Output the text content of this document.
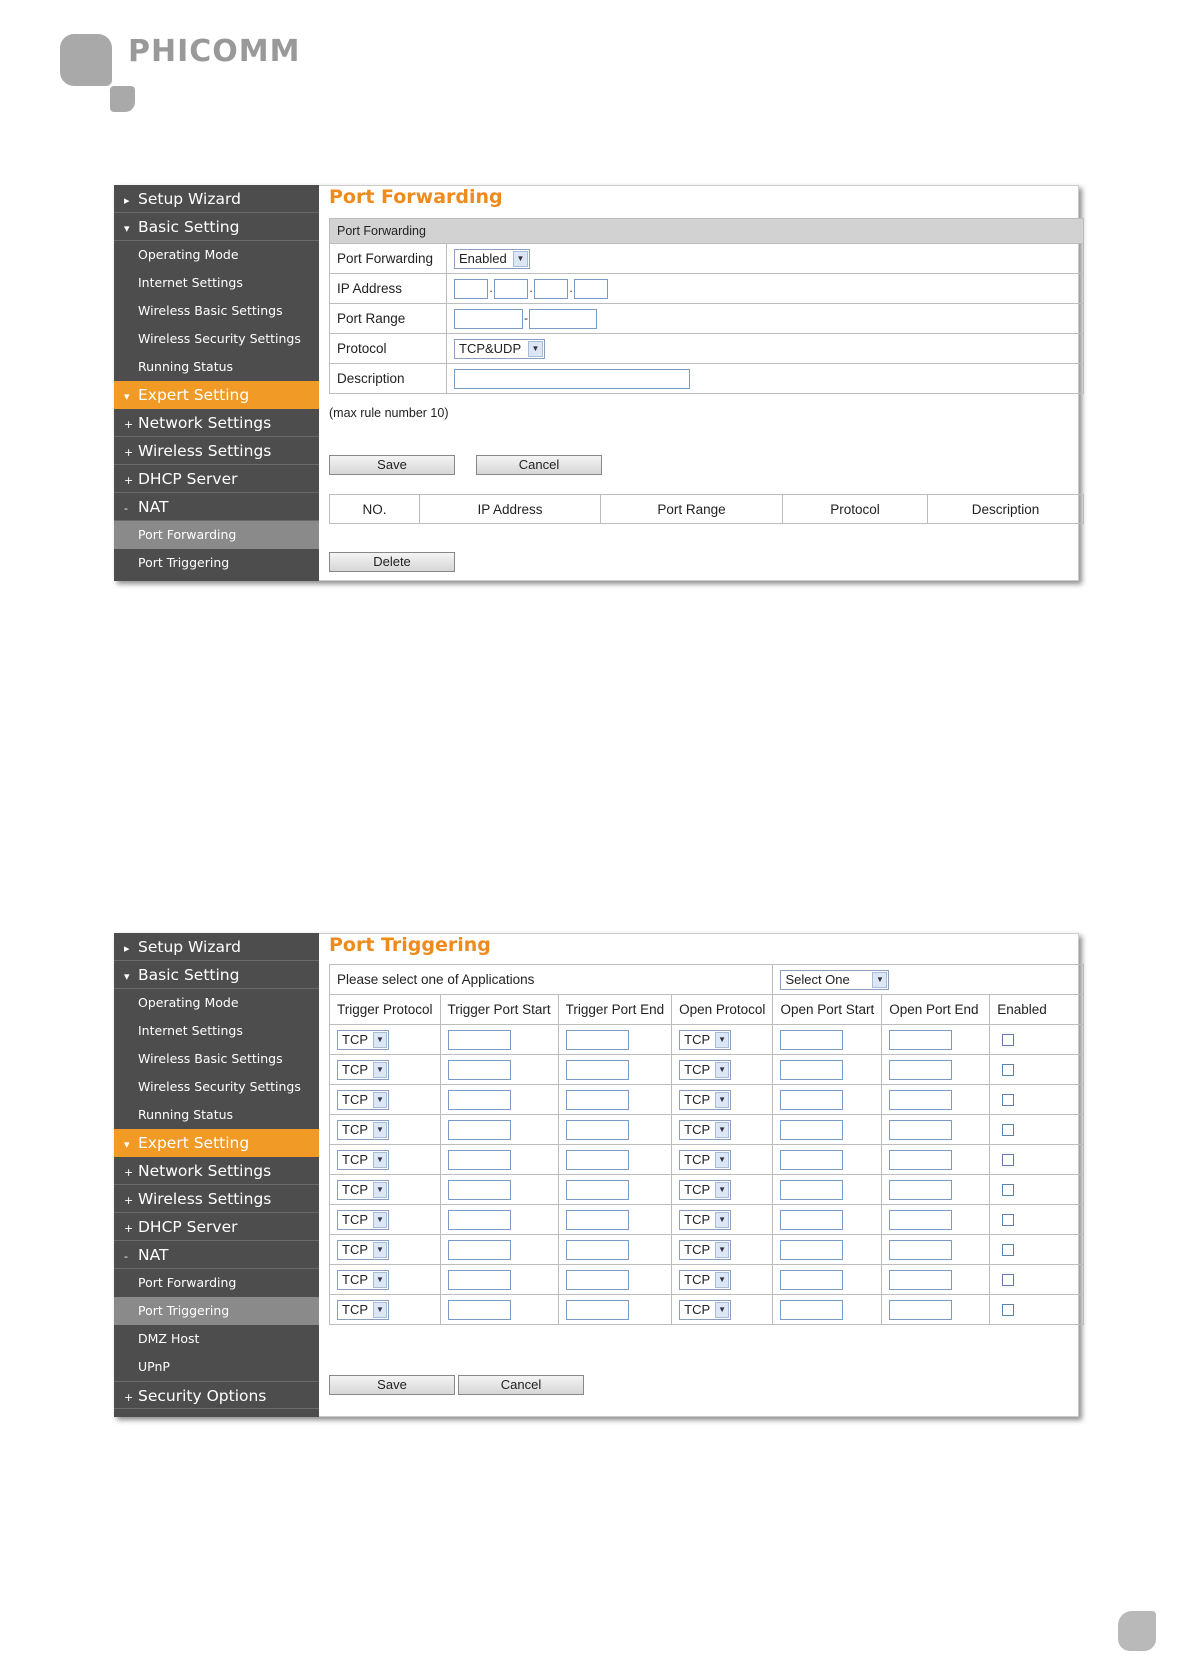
PHICOMM
▸ Setup Wizard
▾ Basic Setting
Operating Mode
Internet Settings
Wireless Basic Settings
Wireless Security Settings
Running Status
▾ Expert Setting
+ Network Settings
+ Wireless Settings
+ DHCP Server
- NAT
Port Forwarding
Port Triggering
Port Forwarding
Port Forwarding	
Port Forwarding	Enabled ▼

IP Address	. . .
Port Range	-
Protocol	TCP&UDP ▼

Description	
(max rule number 10)
Save	Cancel
NO.	IP Address	Port Range	Protocol	Description
Delete
▸ Setup Wizard
▾ Basic Setting
Operating Mode
Internet Settings
Wireless Basic Settings
Wireless Security Settings
Running Status
▾ Expert Setting
+ Network Settings
+ Wireless Settings
+ DHCP Server
- NAT
Port Forwarding
Port Triggering
DMZ Host
UPnP
+ Security Options
Port Triggering
Please select one of Applications				Select One ▼		

Trigger Protocol	Trigger Port Start	Trigger Port End	Open Protocol	Open Port Start	Open Port End	Enabled

TCP ▼			TCP ▼			

TCP ▼			TCP ▼			

TCP ▼			TCP ▼			

TCP ▼			TCP ▼			

TCP ▼			TCP ▼			

TCP ▼			TCP ▼			

TCP ▼			TCP ▼			

TCP ▼			TCP ▼			

TCP ▼			TCP ▼			

TCP ▼			TCP ▼			

Save	Cancel
